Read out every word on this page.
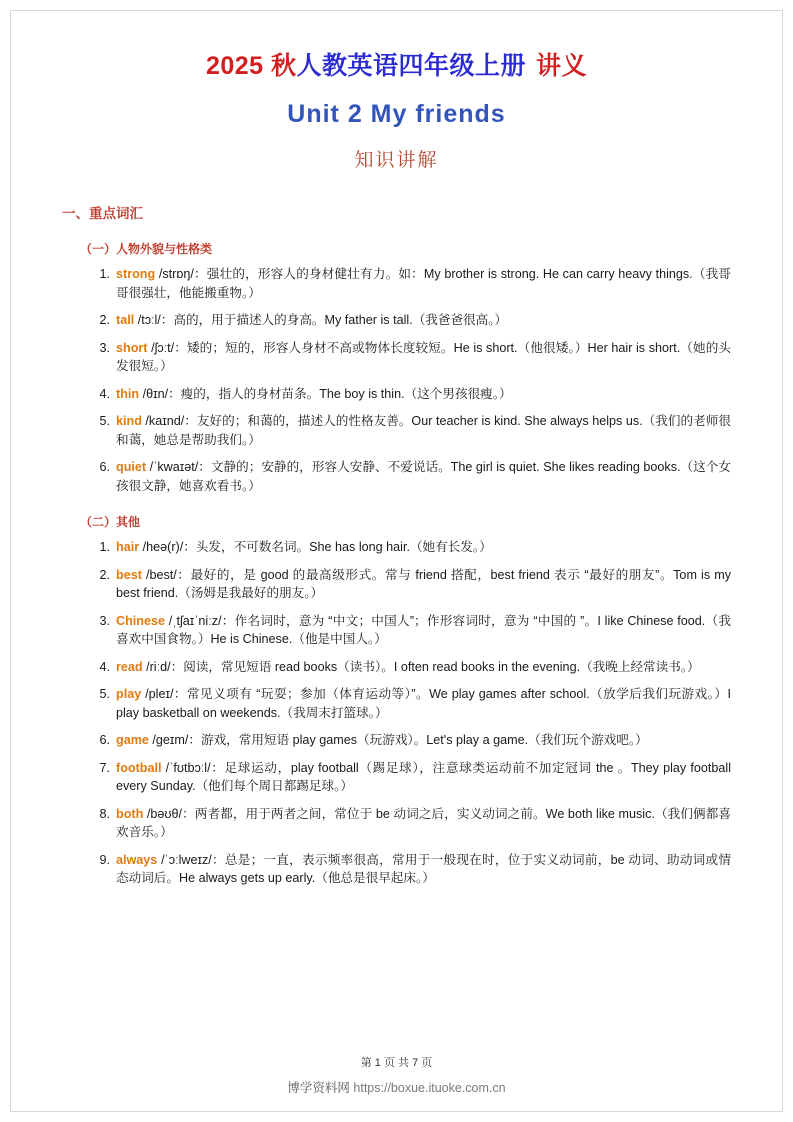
2025 秋人教英语四年级上册 讲义
Unit 2 My friends
知识讲解
一、重点词汇
（一）人物外貌与性格类
strong /strɒŋ/：强壮的，形容人的身材健壮有力。如：My brother is strong. He can carry heavy things.（我哥哥很强壮，他能搬重物。）
tall /tɔːl/：高的，用于描述人的身高。My father is tall.（我爸爸很高。）
short /ʃɔːt/：矮的；短的，形容人身材不高或物体长度较短。He is short.（他很矮。）Her hair is short.（她的头发很短。）
thin /θɪn/：瘦的，指人的身材苗条。The boy is thin.（这个男孩很瘦。）
kind /kaɪnd/：友好的；和蔼的，描述人的性格友善。Our teacher is kind. She always helps us.（我们的老师很和蔼，她总是帮助我们。）
quiet /ˈkwaɪət/：文静的；安静的，形容人安静、不爱说话。The girl is quiet. She likes reading books.（这个女孩很文静，她喜欢看书。）
（二）其他
hair /heə(r)/：头发，不可数名词。She has long hair.（她有长发。）
best /best/：最好的，是 good 的最高级形式。常与 friend 搭配，best friend 表示 “最好的朋友”。Tom is my best friend.（汤姆是我最好的朋友。）
Chinese /ˌtʃaɪˈniːz/：作名词时，意为 “中文；中国人”；作形容词时，意为 “中国的 ”。I like Chinese food.（我喜欢中国食物。）He is Chinese.（他是中国人。）
read /riːd/：阅读，常见短语 read books（读书）。I often read books in the evening.（我晚上经常读书。）
play /pleɪ/：常见义项有 “玩耍；参加（体育运动等）”。We play games after school.（放学后我们玩游戏。）I play basketball on weekends.（我周末打篮球。）
game /ɡeɪm/：游戏，常用短语 play games（玩游戏）。Let's play a game.（我们玩个游戏吧。）
football /ˈfʊtbɔːl/：足球运动，play football（踢足球），注意球类运动前不加定冠词 the 。They play football every Sunday.（他们每个周日都踢足球。）
both /bəʊθ/：两者都，用于两者之间，常位于 be 动词之后，实义动词之前。We both like music.（我们俩都喜欢音乐。）
always /ˈɔːlweɪz/：总是；一直，表示频率很高，常用于一般现在时，位于实义动词前，be 动词、助动词或情态动词后。He always gets up early.（他总是很早起床。）
第 1 页 共 7 页
博学资料网 https://boxue.ituoke.com.cn
